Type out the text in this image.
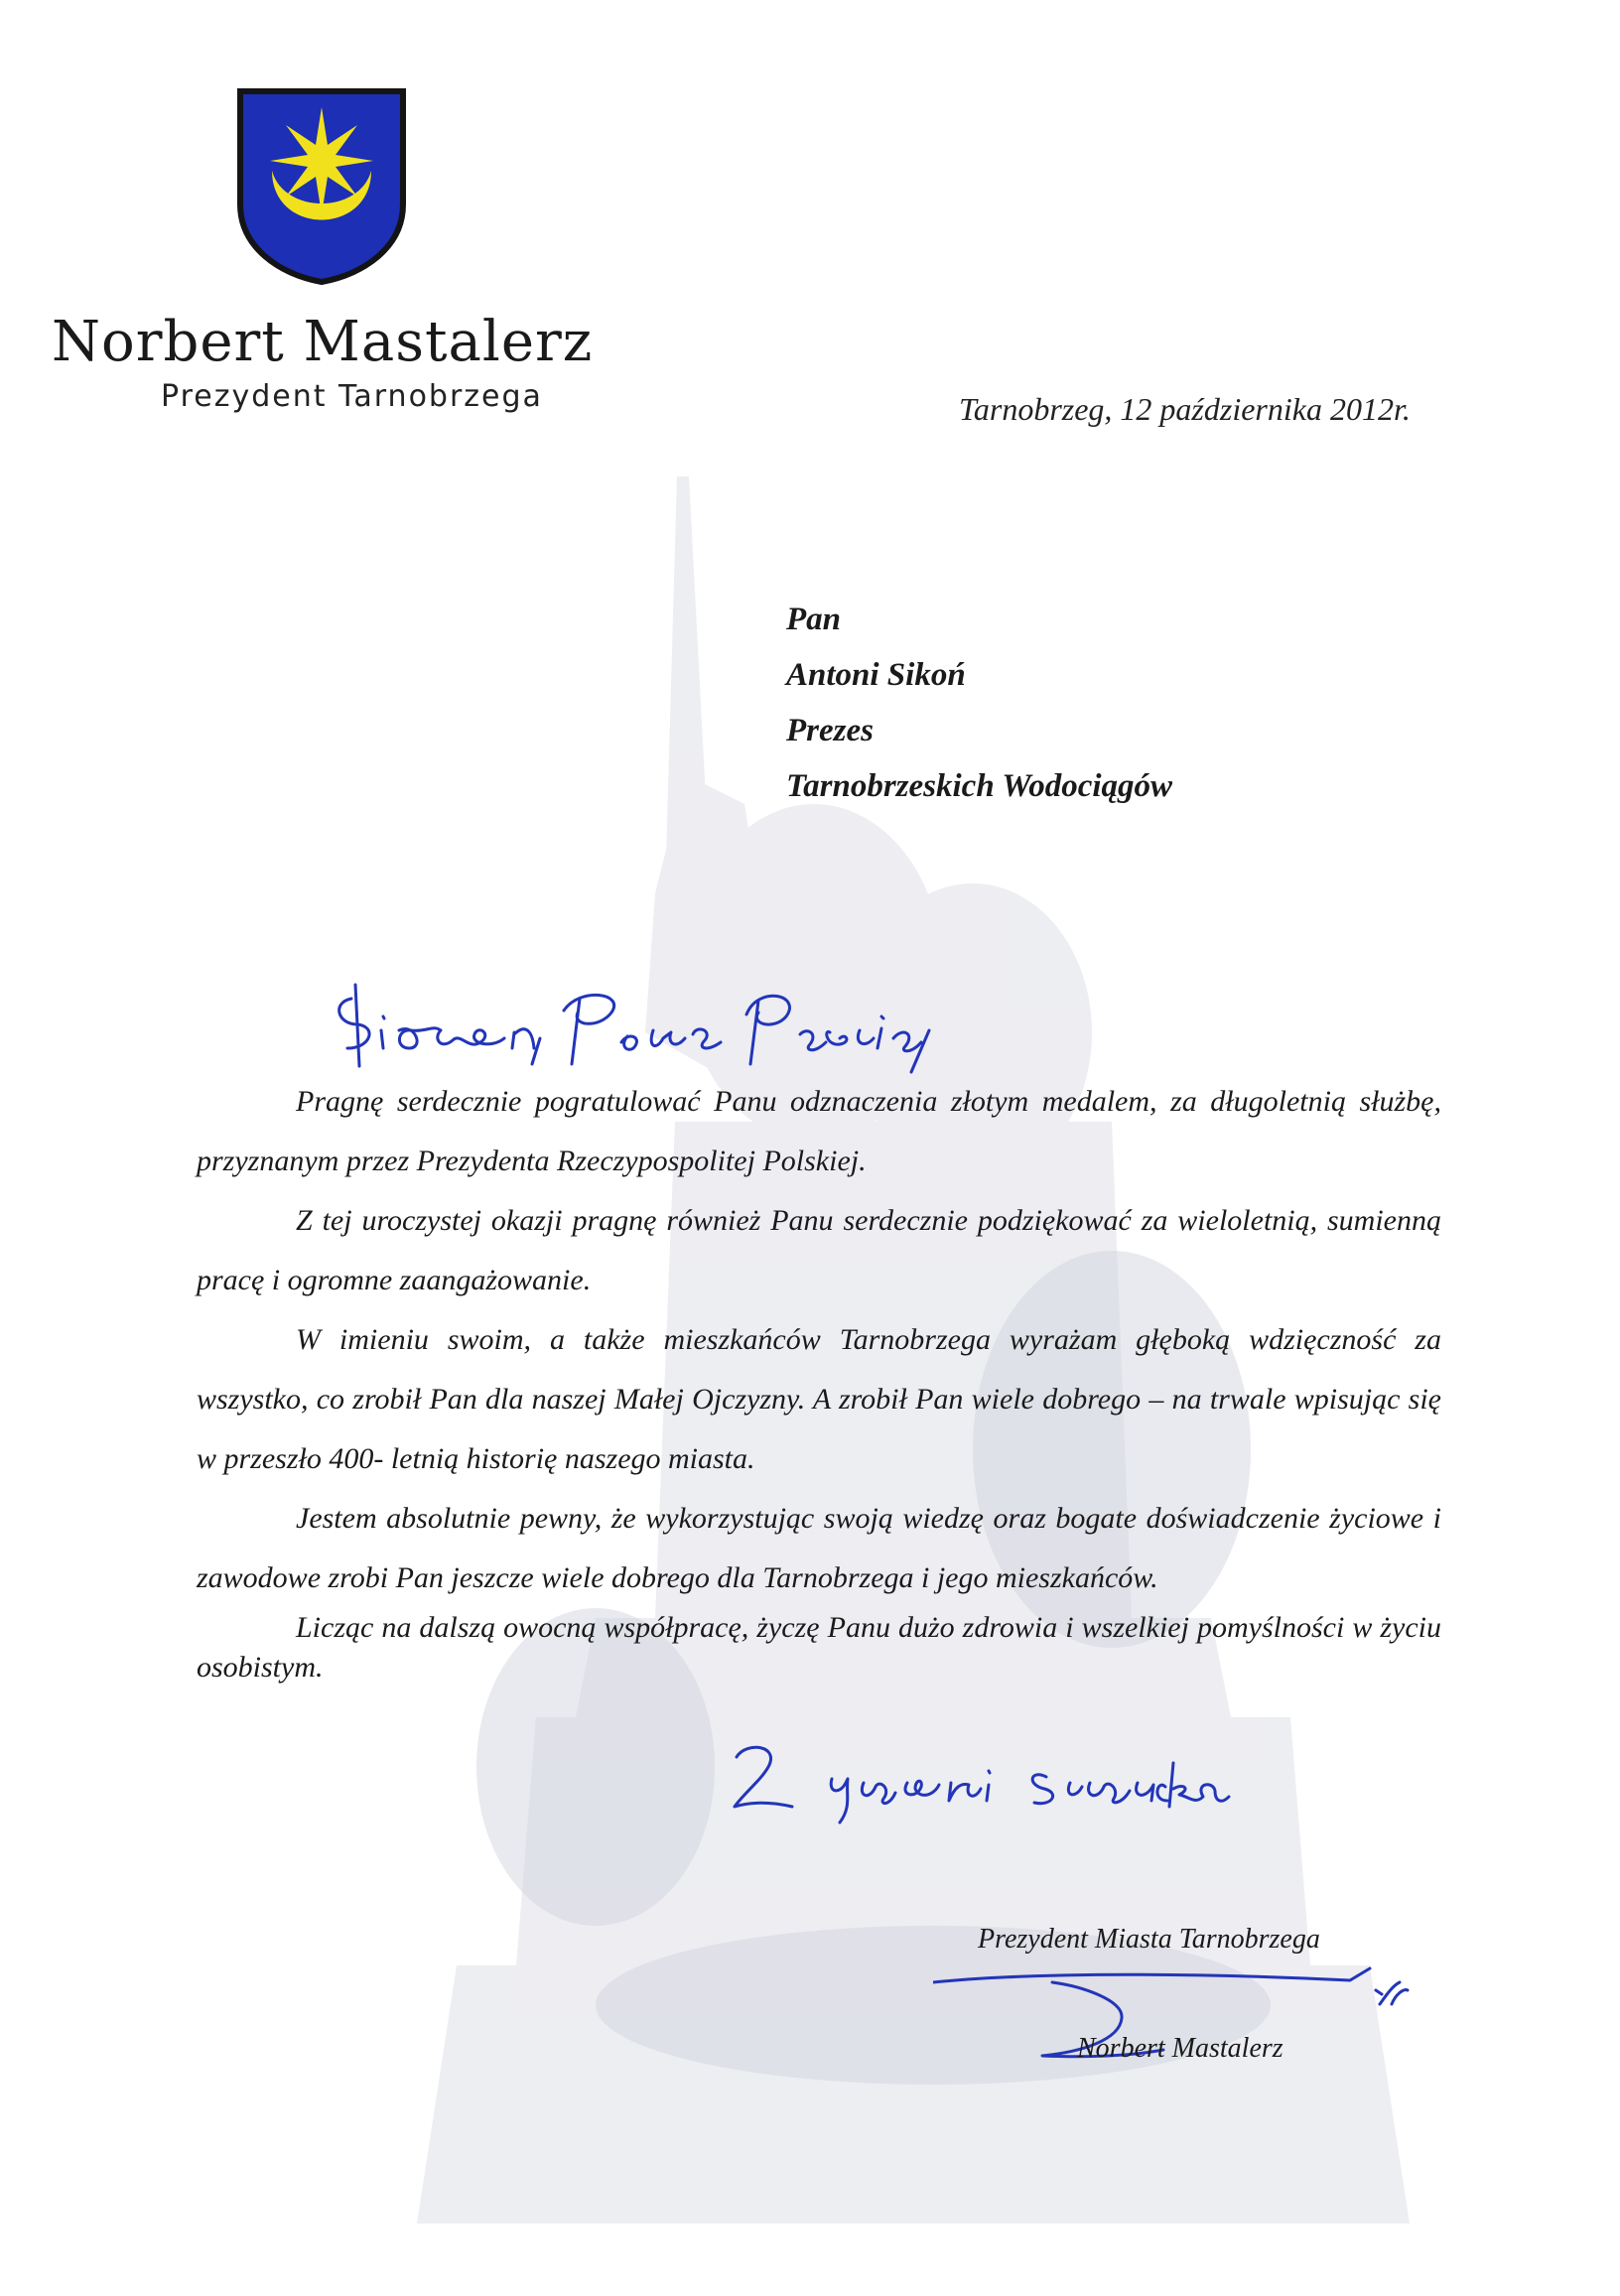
Norbert Mastalerz
Prezydent Tarnobrzega	Tarnobrzeg, 12 października 2012r.
Pan
Antoni Sikoń
Prezes
Tarnobrzeskich Wodociągów

Pragnę serdecznie pogratulować Panu odznaczenia złotym medalem, za długoletnią służbę, przyznanym przez Prezydenta Rzeczypospolitej Polskiej.

Z tej uroczystej okazji pragnę również Panu serdecznie podziękować za wieloletnią, sumienną pracę i ogromne zaangażowanie.

W imieniu swoim, a także mieszkańców Tarnobrzega wyrażam głęboką wdzięczność za wszystko, co zrobił Pan dla naszej Małej Ojczyzny. A zrobił Pan wiele dobrego – na trwale wpisując się w przeszło 400- letnią historię naszego miasta.

Jestem absolutnie pewny, że wykorzystując swoją wiedzę oraz bogate doświadczenie życiowe i zawodowe zrobi Pan jeszcze wiele dobrego dla Tarnobrzega i jego mieszkańców.

Licząc na dalszą owocną współpracę, życzę Panu dużo zdrowia i wszelkiej pomyślności w życiu osobistym.

Prezydent Miasta Tarnobrzega
Norbert Mastalerz
